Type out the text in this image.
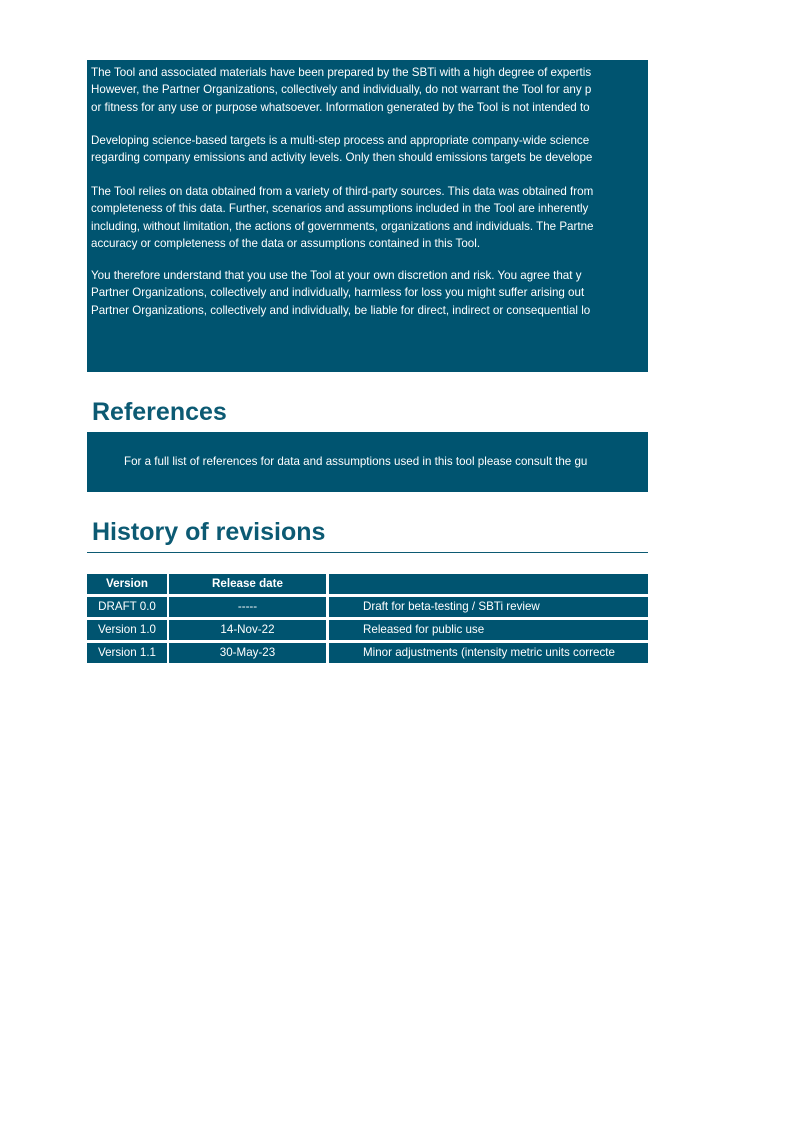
The Tool and associated materials have been prepared by the SBTi with a high degree of expertis
However, the Partner Organizations, collectively and individually, do not warrant the Tool for any p
or fitness for any use or purpose whatsoever. Information generated by the Tool is not intended to
Developing science-based targets is a multi-step process and appropriate company-wide science
regarding company emissions and activity levels. Only then should emissions targets be develope
The Tool relies on data obtained from a variety of third-party sources. This data was obtained from
completeness of this data. Further, scenarios and assumptions included in the Tool are inherently
including, without limitation, the actions of governments, organizations and individuals. The Partne
accuracy or completeness of the data or assumptions contained in this Tool.
You therefore understand that you use the Tool at your own discretion and risk. You agree that y
Partner Organizations, collectively and individually, harmless for loss you might suffer arising out
Partner Organizations, collectively and individually, be liable for direct, indirect or consequential lo
References
For a full list of references for data and assumptions used in this tool please consult the gu
History of revisions
Version	Release date
DRAFT 0.0	-----	Draft for beta-testing / SBTi review
Version 1.0	14-Nov-22	Released for public use
Version 1.1	30-May-23	Minor adjustments (intensity metric units correcte
